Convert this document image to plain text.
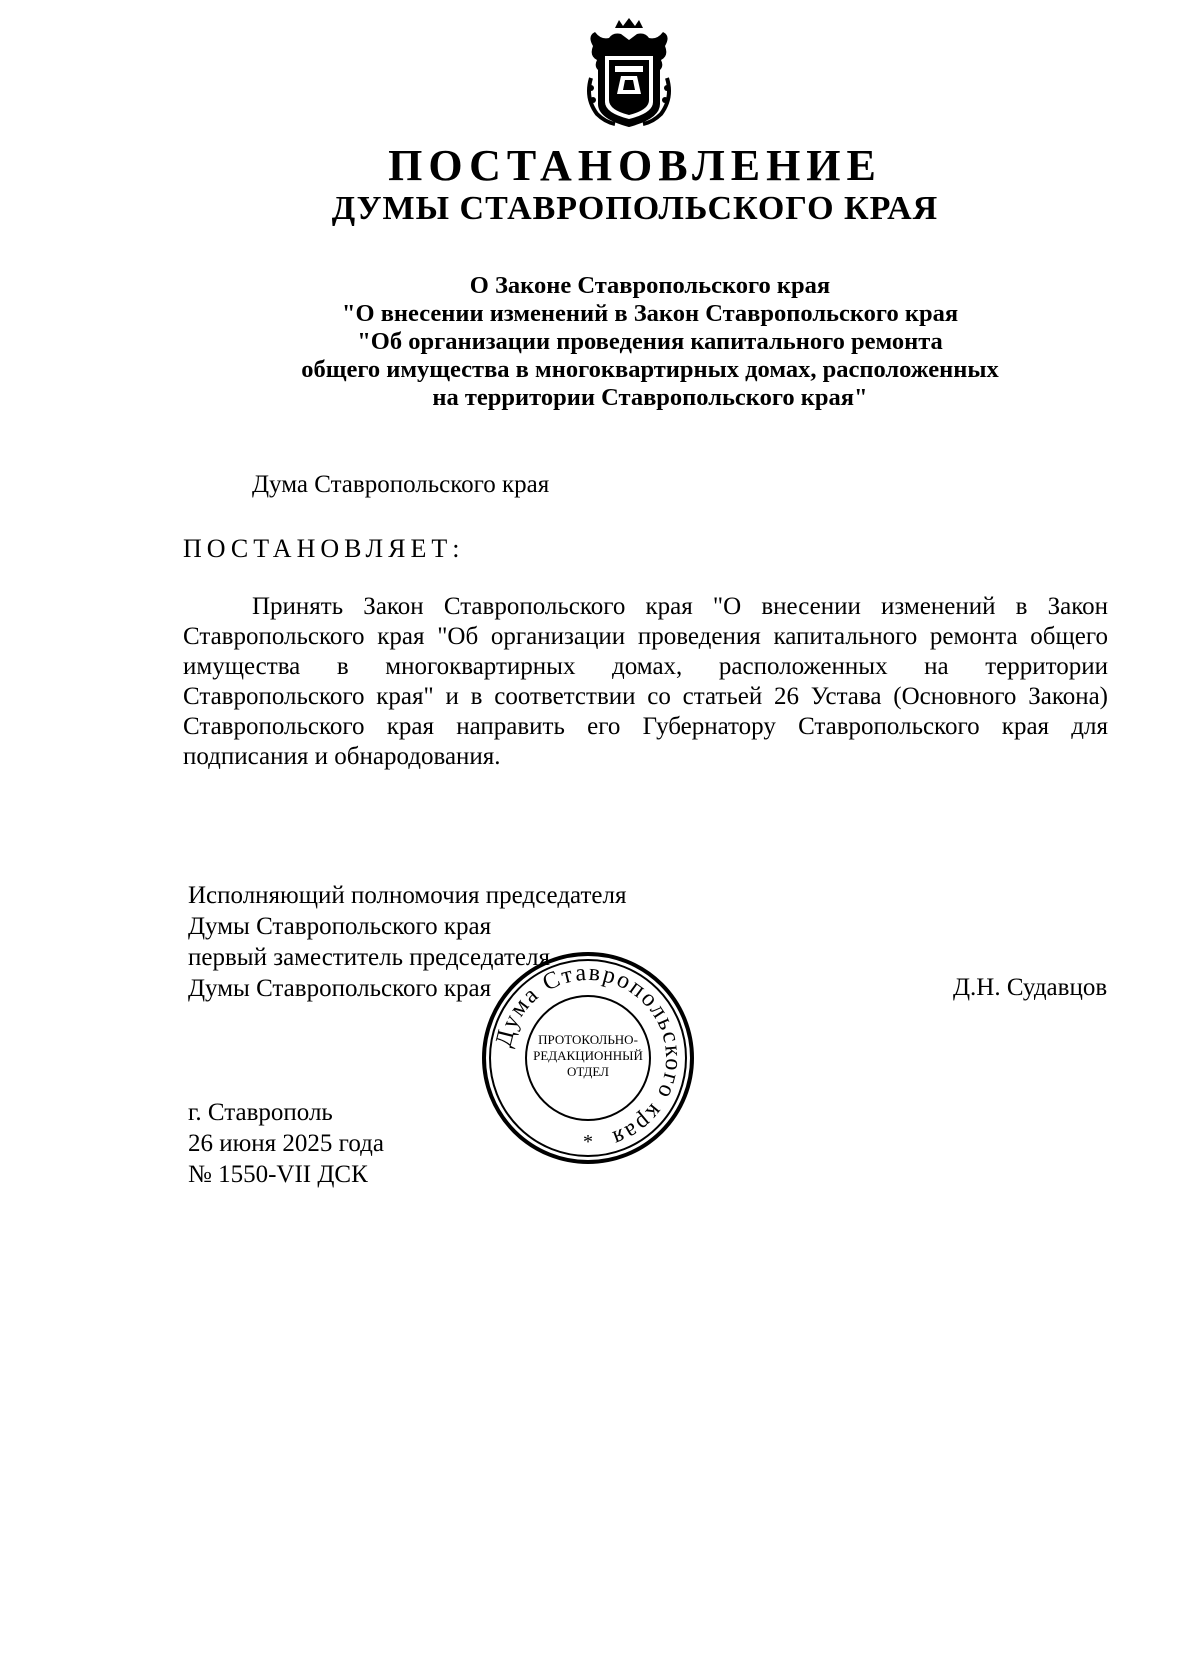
ПОСТАНОВЛЕНИЕ
ДУМЫ СТАВРОПОЛЬСКОГО КРАЯ
О Законе Ставропольского края
"О внесении изменений в Закон Ставропольского края
"Об организации проведения капитального ремонта
общего имущества в многоквартирных домах, расположенных
на территории Ставропольского края"
Дума Ставропольского края
ПОСТАНОВЛЯЕТ:
Принять Закон Ставропольского края "О внесении изменений в Закон Ставропольского края "Об организации проведения капитального ремонта общего имущества в многоквартирных домах, расположенных на территории Ставропольского края" и в соответствии со статьей 26 Устава (Основного Закона) Ставропольского края направить его Губернатору Ставропольского края для подписания и обнародования.
Исполняющий полномочия председателя
Думы Ставропольского края
первый заместитель председателя
Думы Ставропольского края	Д.Н. Судавцов
Дума Ставропольского края
ПРОТОКОЛЬНО-
РЕДАКЦИОННЫЙ
ОТДЕЛ
*
г. Ставрополь
26 июня 2025 года
№ 1550-VII ДСК
